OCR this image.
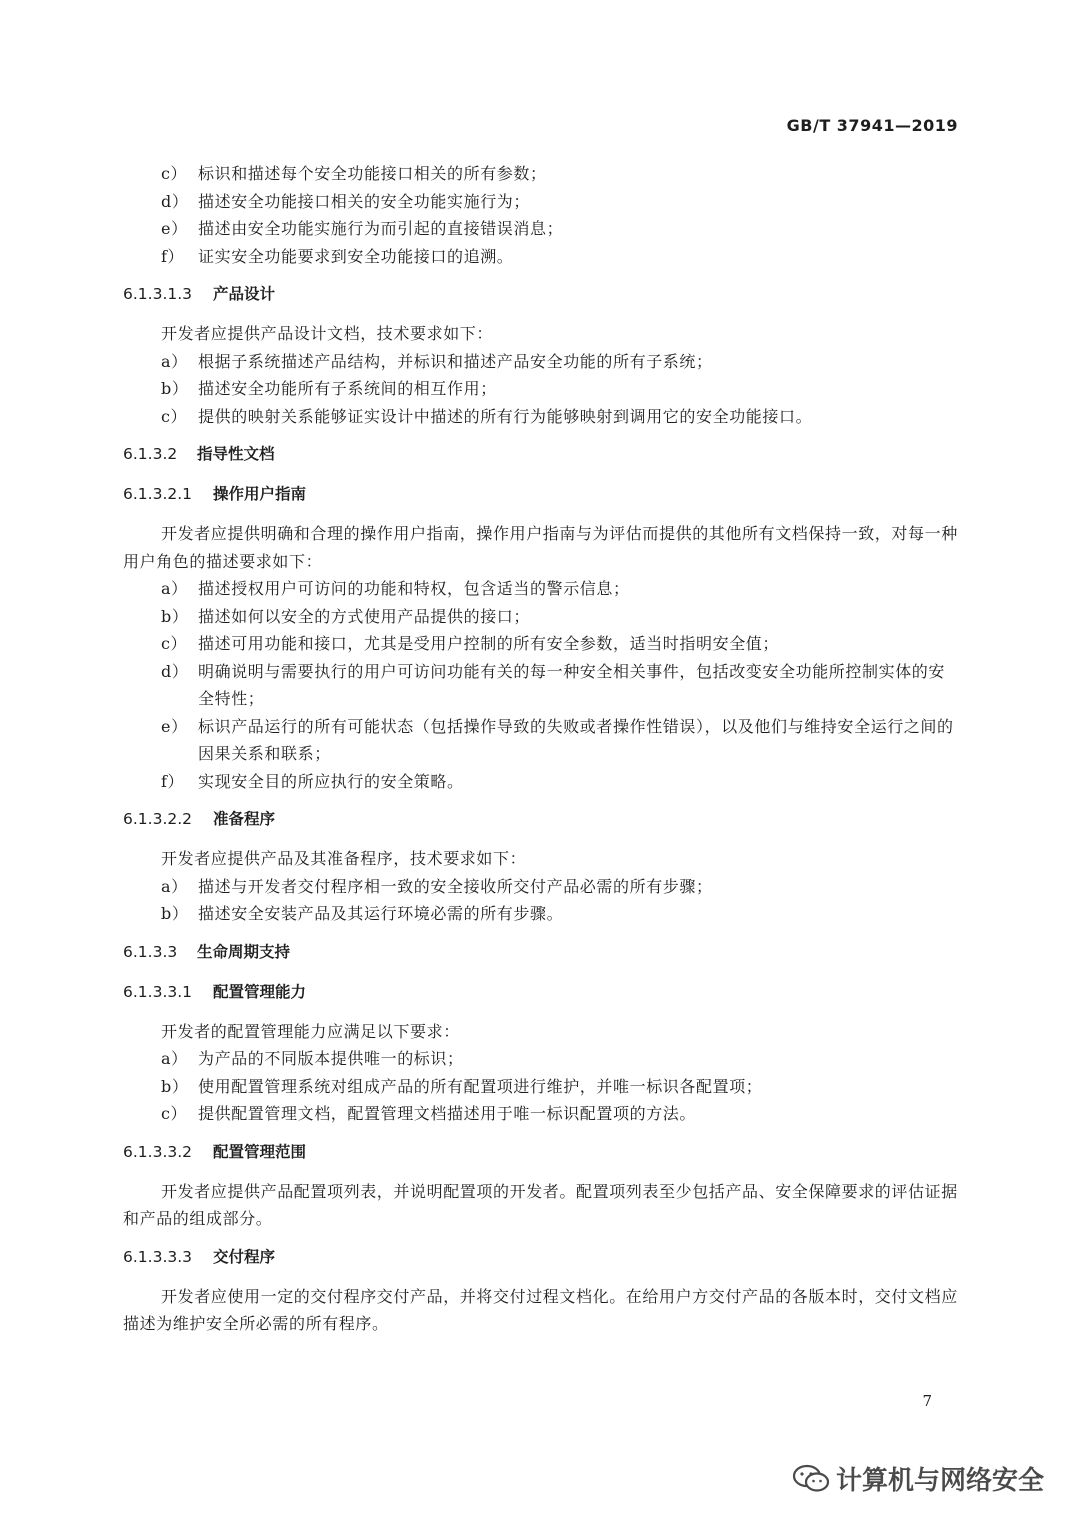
GB/T 37941—2019
c） 标识和描述每个安全功能接口相关的所有参数；
d） 描述安全功能接口相关的安全功能实施行为；
e） 描述由安全功能实施行为而引起的直接错误消息；
f） 证实安全功能要求到安全功能接口的追溯。
6.1.3.1.3 产品设计

开发者应提供产品设计文档，技术要求如下：

a） 根据子系统描述产品结构，并标识和描述产品安全功能的所有子系统；
b） 描述安全功能所有子系统间的相互作用；
c） 提供的映射关系能够证实设计中描述的所有行为能够映射到调用它的安全功能接口。
6.1.3.2 指导性文档
6.1.3.2.1 操作用户指南

开发者应提供明确和合理的操作用户指南，操作用户指南与为评估而提供的其他所有文档保持一致，对每一种用户角色的描述要求如下：

a） 描述授权用户可访问的功能和特权，包含适当的警示信息；
b） 描述如何以安全的方式使用产品提供的接口；
c） 描述可用功能和接口，尤其是受用户控制的所有安全参数，适当时指明安全值；
d） 明确说明与需要执行的用户可访问功能有关的每一种安全相关事件，包括改变安全功能所控制实体的安全特性；
e） 标识产品运行的所有可能状态（包括操作导致的失败或者操作性错误），以及他们与维持安全运行之间的因果关系和联系；
f） 实现安全目的所应执行的安全策略。
6.1.3.2.2 准备程序

开发者应提供产品及其准备程序，技术要求如下：

a） 描述与开发者交付程序相一致的安全接收所交付产品必需的所有步骤；
b） 描述安全安装产品及其运行环境必需的所有步骤。
6.1.3.3 生命周期支持
6.1.3.3.1 配置管理能力

开发者的配置管理能力应满足以下要求：

a） 为产品的不同版本提供唯一的标识；
b） 使用配置管理系统对组成产品的所有配置项进行维护，并唯一标识各配置项；
c） 提供配置管理文档，配置管理文档描述用于唯一标识配置项的方法。
6.1.3.3.2 配置管理范围

开发者应提供产品配置项列表，并说明配置项的开发者。配置项列表至少包括产品、安全保障要求的评估证据和产品的组成部分。

6.1.3.3.3 交付程序

开发者应使用一定的交付程序交付产品，并将交付过程文档化。在给用户方交付产品的各版本时，交付文档应描述为维护安全所必需的所有程序。

7
计算机与网络安全
